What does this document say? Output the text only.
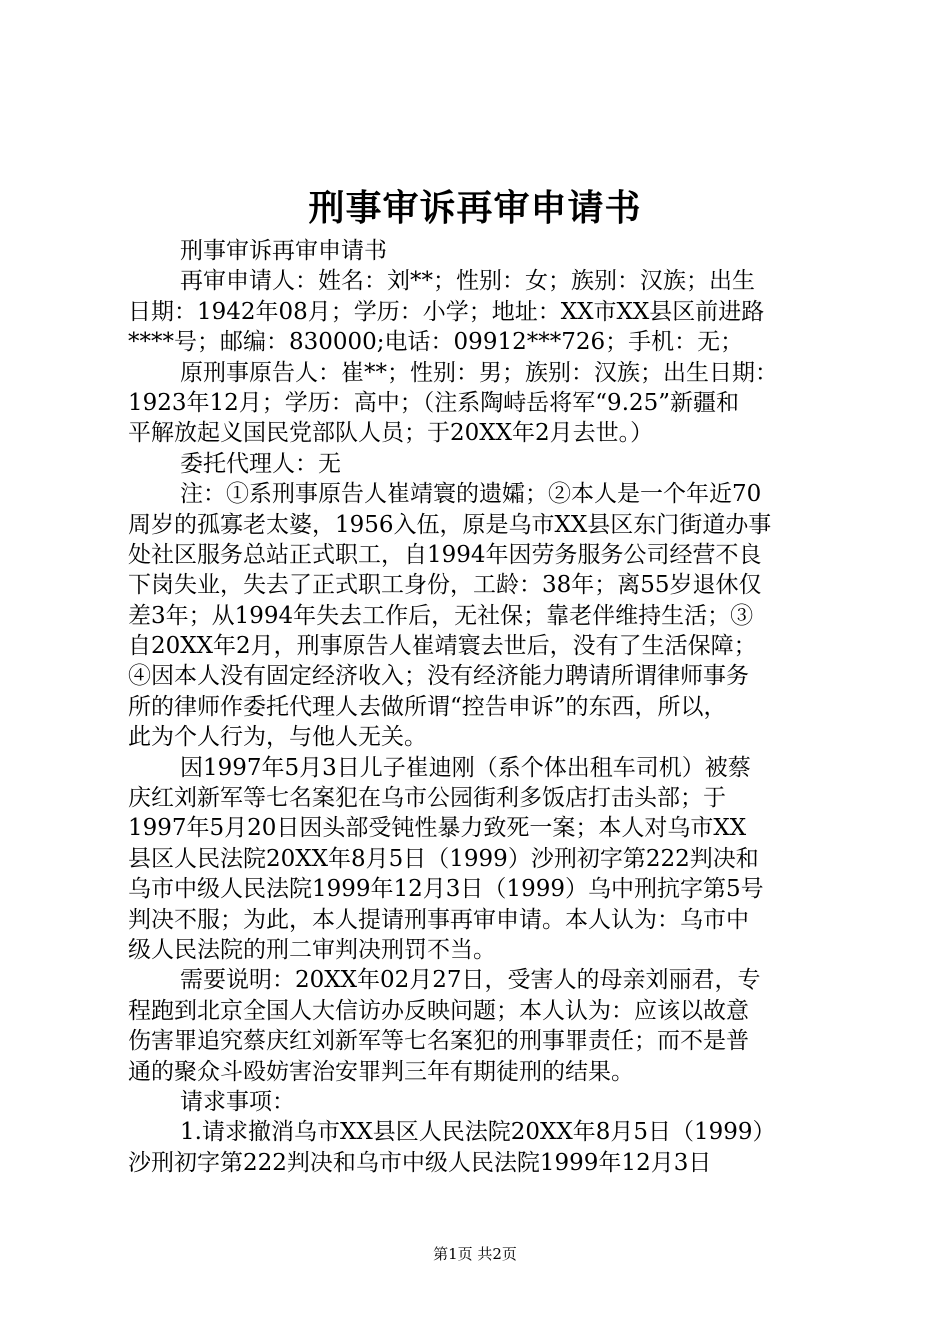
刑事审诉再审申请书
刑事审诉再审申请书
再审申请人：姓名：刘**；性别：女；族别：汉族；出生
日期：1942年08月；学历：小学；地址：XX市XX县区前进路
****号；邮编：830000;电话：09912***726；手机：无；
原刑事原告人：崔**；性别：男；族别：汉族；出生日期：
1923年12月；学历：高中；（注系陶峙岳将军“9.25”新疆和
平解放起义国民党部队人员；于20XX年2月去世。）
委托代理人：无
注：①系刑事原告人崔靖寰的遗孀；②本人是一个年近70
周岁的孤寡老太婆，1956入伍，原是乌市XX县区东门街道办事
处社区服务总站正式职工，自1994年因劳务服务公司经营不良
下岗失业，失去了正式职工身份，工龄：38年；离55岁退休仅
差3年；从1994年失去工作后，无社保；靠老伴维持生活；③
自20XX年2月，刑事原告人崔靖寰去世后，没有了生活保障；
④因本人没有固定经济收入；没有经济能力聘请所谓律师事务
所的律师作委托代理人去做所谓“控告申诉”的东西，所以，
此为个人行为，与他人无关。
因1997年5月3日儿子崔迪刚（系个体出租车司机）被蔡
庆红刘新军等七名案犯在乌市公园街利多饭店打击头部；于
1997年5月20日因头部受钝性暴力致死一案；本人对乌市XX
县区人民法院20XX年8月5日（1999）沙刑初字第222判决和
乌市中级人民法院1999年12月3日（1999）乌中刑抗字第5号
判决不服；为此，本人提请刑事再审申请。本人认为：乌市中
级人民法院的刑二审判决刑罚不当。
需要说明：20XX年02月27日，受害人的母亲刘丽君，专
程跑到北京全国人大信访办反映问题；本人认为：应该以故意
伤害罪追究蔡庆红刘新军等七名案犯的刑事罪责任；而不是普
通的聚众斗殴妨害治安罪判三年有期徒刑的结果。
请求事项：
1.请求撤消乌市XX县区人民法院20XX年8月5日（1999）
沙刑初字第222判决和乌市中级人民法院1999年12月3日
第1页 共2页
